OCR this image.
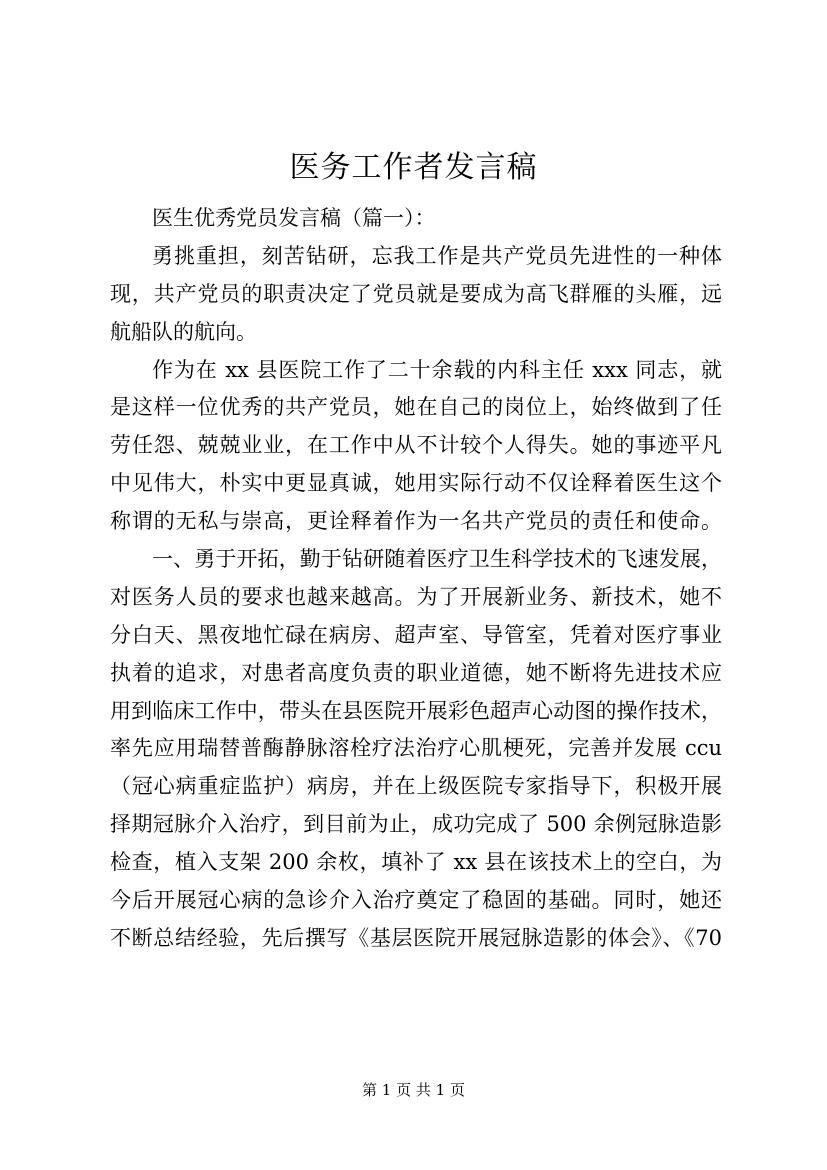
医务工作者发言稿
医生优秀党员发言稿（篇一）：
勇挑重担，刻苦钻研，忘我工作是共产党员先进性的一种体
现，共产党员的职责决定了党员就是要成为高飞群雁的头雁，远
航船队的航向。
作为在 xx 县医院工作了二十余载的内科主任 xxx 同志，就
是这样一位优秀的共产党员，她在自己的岗位上，始终做到了任
劳任怨、兢兢业业，在工作中从不计较个人得失。她的事迹平凡
中见伟大，朴实中更显真诚，她用实际行动不仅诠释着医生这个
称谓的无私与崇高，更诠释着作为一名共产党员的责任和使命。
一、勇于开拓，勤于钻研随着医疗卫生科学技术的飞速发展，
对医务人员的要求也越来越高。为了开展新业务、新技术，她不
分白天、黑夜地忙碌在病房、超声室、导管室，凭着对医疗事业
执着的追求，对患者高度负责的职业道德，她不断将先进技术应
用到临床工作中，带头在县医院开展彩色超声心动图的操作技术，
率先应用瑞替普酶静脉溶栓疗法治疗心肌梗死，完善并发展 ccu
（冠心病重症监护）病房，并在上级医院专家指导下，积极开展
择期冠脉介入治疗，到目前为止，成功完成了 500 余例冠脉造影
检查，植入支架 200 余枚，填补了 xx 县在该技术上的空白，为
今后开展冠心病的急诊介入治疗奠定了稳固的基础。同时，她还
不断总结经验，先后撰写《基层医院开展冠脉造影的体会》、《70
第 1 页 共 1 页
